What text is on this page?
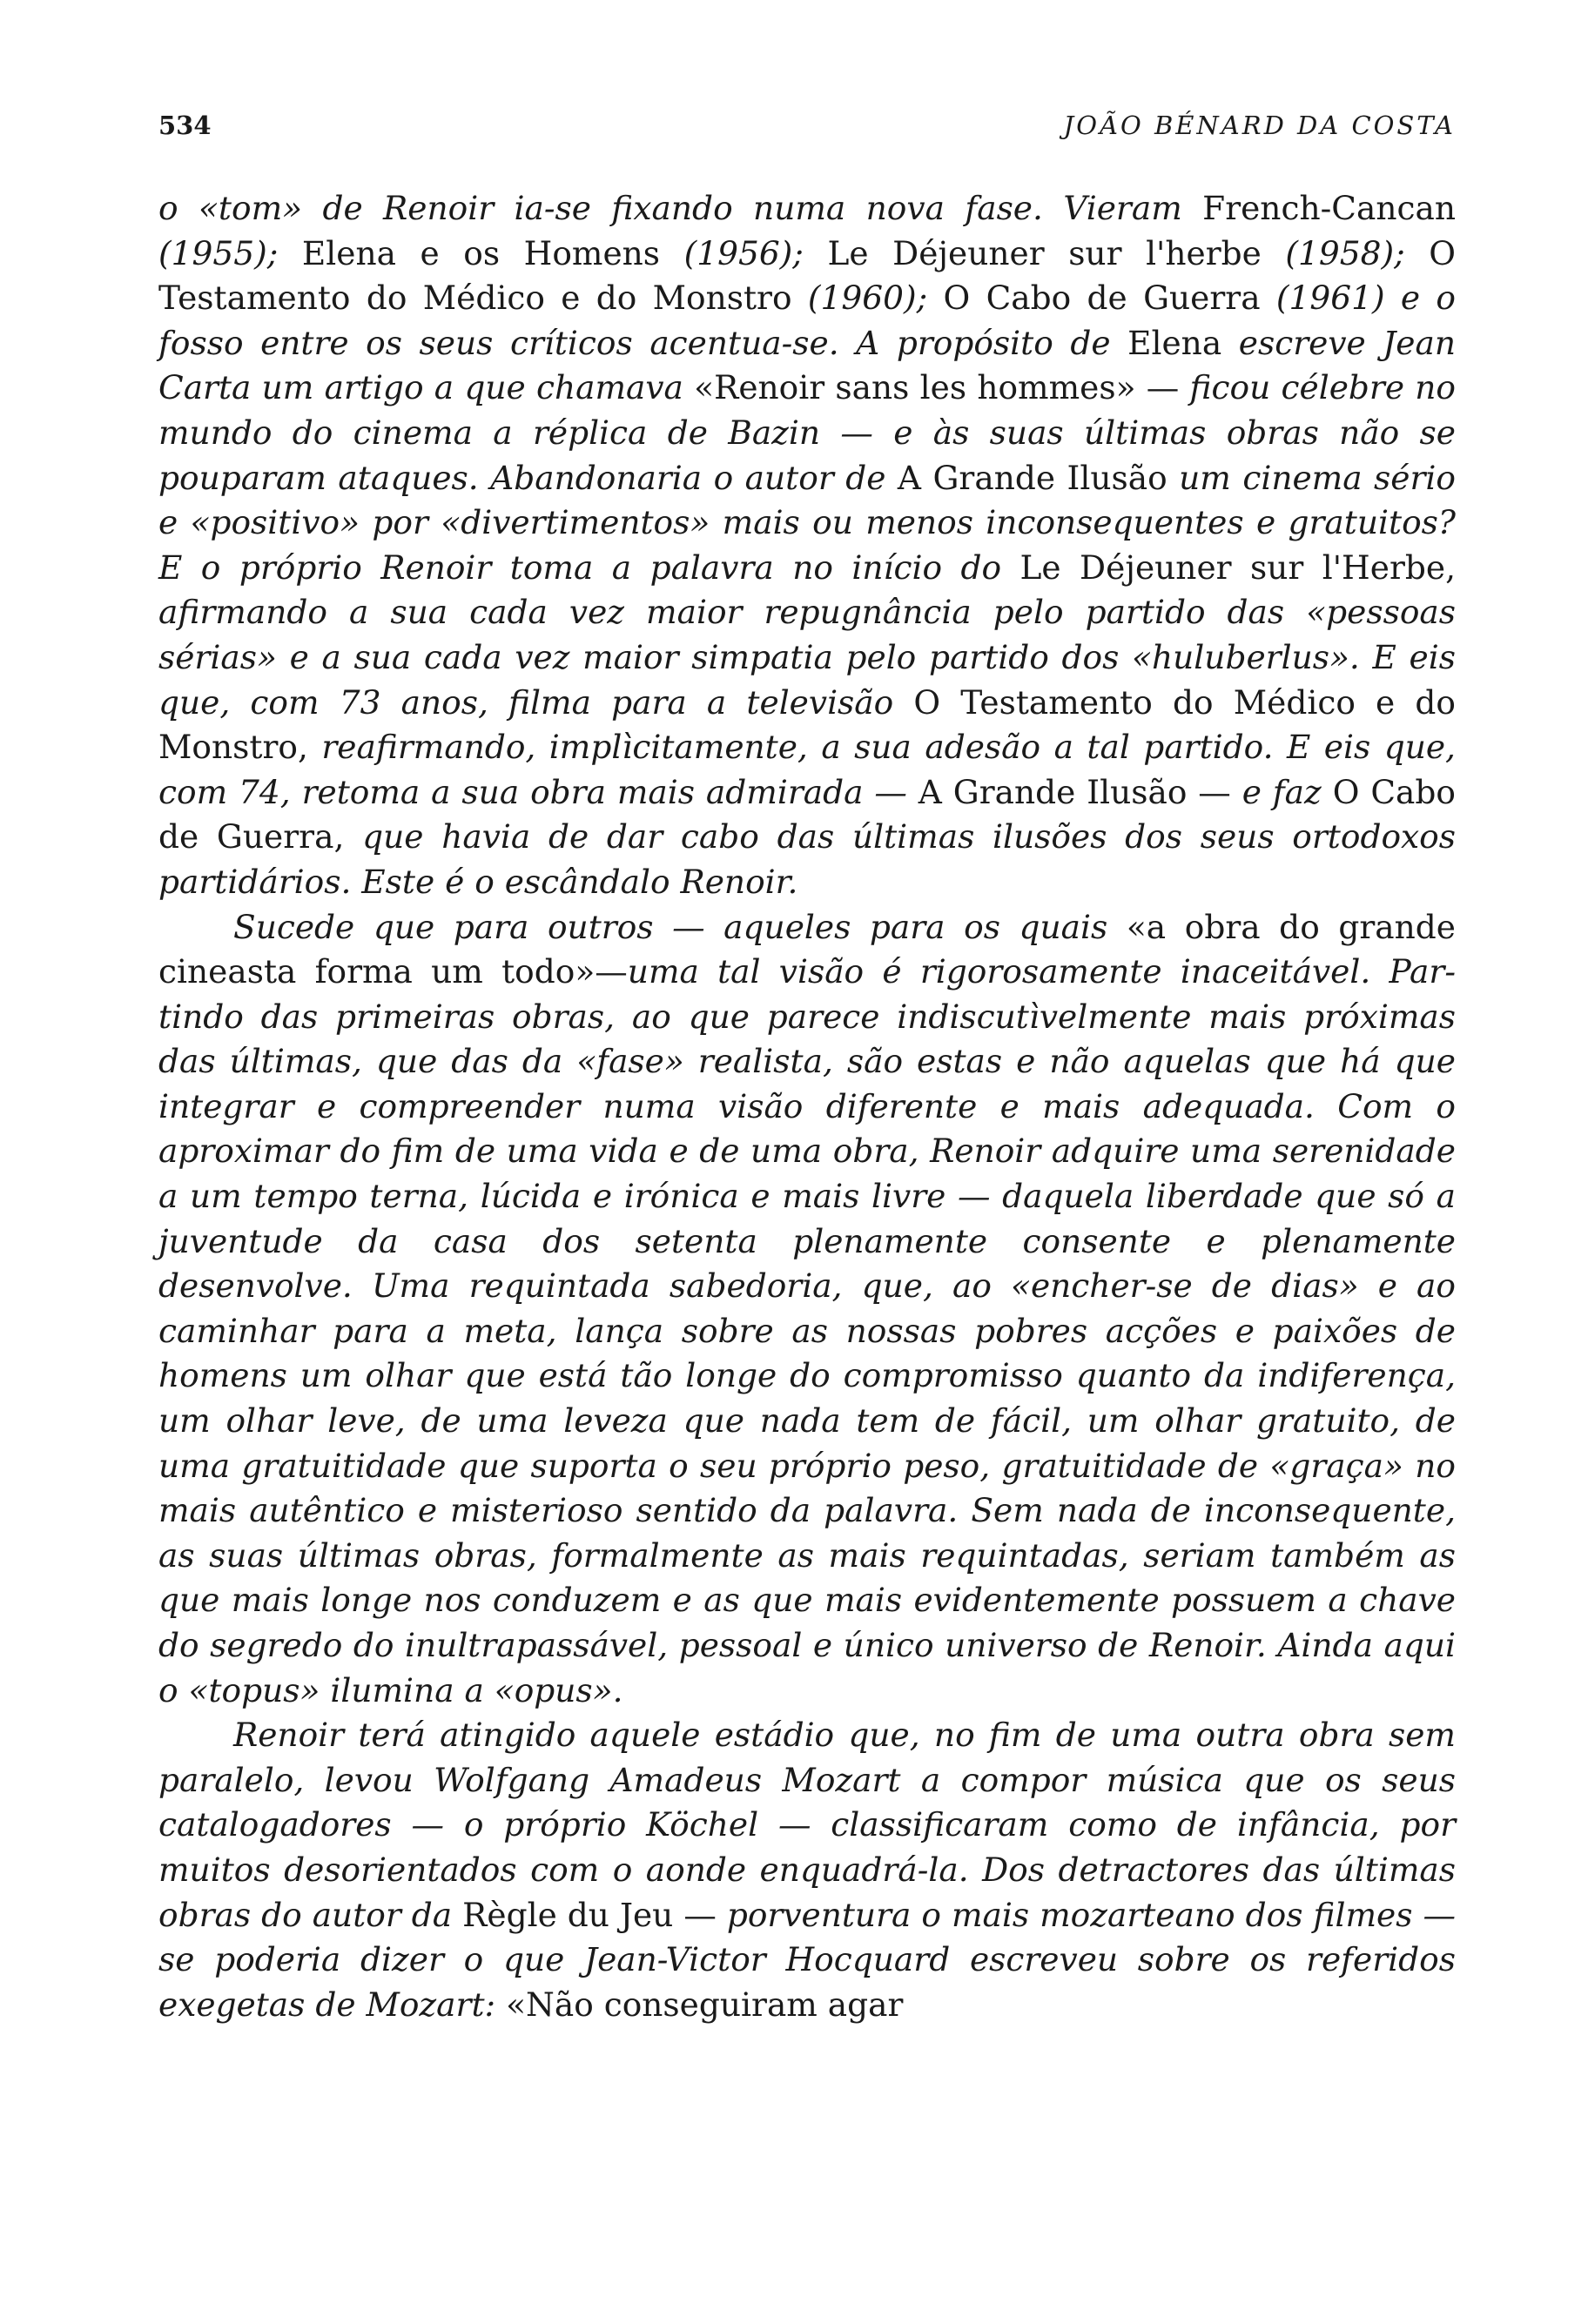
534	JOÃO BÉNARD DA COSTA

o «tom» de Renoir ia-se fixando numa nova fase. Vieram French-Cancan (1955); Elena e os Homens (1956); Le Déjeuner sur l'herbe (1958); O Testamento do Médico e do Monstro (1960); O Cabo de Guerra (1961) e o fosso entre os seus críticos acentua-se. A propósito de Elena escreve Jean Carta um artigo a que chamava «Renoir sans les hommes» — ficou célebre no mundo do cinema a réplica de Bazin — e às suas últimas obras não se pouparam ataques. Abandonaria o autor de A Grande Ilusão um cinema sério e «positivo» por «divertimentos» mais ou menos inconsequentes e gratuitos? E o próprio Renoir toma a palavra no início do Le Déjeuner sur l'Herbe, afirmando a sua cada vez maior repugnância pelo partido das «pessoas sérias» e a sua cada vez maior simpatia pelo partido dos «huluberlus». E eis que, com 73 anos, filma para a televisão O Testamento do Médico e do Monstro, reafirmando, implìcitamente, a sua adesão a tal partido. E eis que, com 74, retoma a sua obra mais admirada — A Grande Ilusão — e faz O Cabo de Guerra, que havia de dar cabo das últimas ilusões dos seus ortodoxos partidários. Este é o escândalo Renoir.

Sucede que para outros — aqueles para os quais «a obra do grande cineasta forma um todo»—uma tal visão é rigorosamente inaceitável. Partindo das primeiras obras, ao que parece indiscutìvelmente mais próximas das últimas, que das da «fase» realista, são estas e não aquelas que há que integrar e compreender numa visão diferente e mais adequada. Com o aproximar do fim de uma vida e de uma obra, Renoir adquire uma serenidade a um tempo terna, lúcida e irónica e mais livre — daquela liberdade que só a juventude da casa dos setenta plenamente consente e plenamente desenvolve. Uma requintada sabedoria, que, ao «encher-se de dias» e ao caminhar para a meta, lança sobre as nossas pobres acções e paixões de homens um olhar que está tão longe do compromisso quanto da indiferença, um olhar leve, de uma leveza que nada tem de fácil, um olhar gratuito, de uma gratuitidade que suporta o seu próprio peso, gratuitidade de «graça» no mais autêntico e misterioso sentido da palavra. Sem nada de inconsequente, as suas últimas obras, formalmente as mais requintadas, seriam também as que mais longe nos conduzem e as que mais evidentemente possuem a chave do segredo do inultrapassável, pessoal e único universo de Renoir. Ainda aqui o «topus» ilumina a «opus».

Renoir terá atingido aquele estádio que, no fim de uma outra obra sem paralelo, levou Wolfgang Amadeus Mozart a compor música que os seus catalogadores — o próprio Köchel — classificaram como de infância, por muitos desorientados com o aonde enquadrá-la. Dos detractores das últimas obras do autor da Règle du Jeu — porventura o mais mozarteano dos filmes — se poderia dizer o que Jean-Victor Hocquard escreveu sobre os referidos exegetas de Mozart: «Não conseguiram agar
